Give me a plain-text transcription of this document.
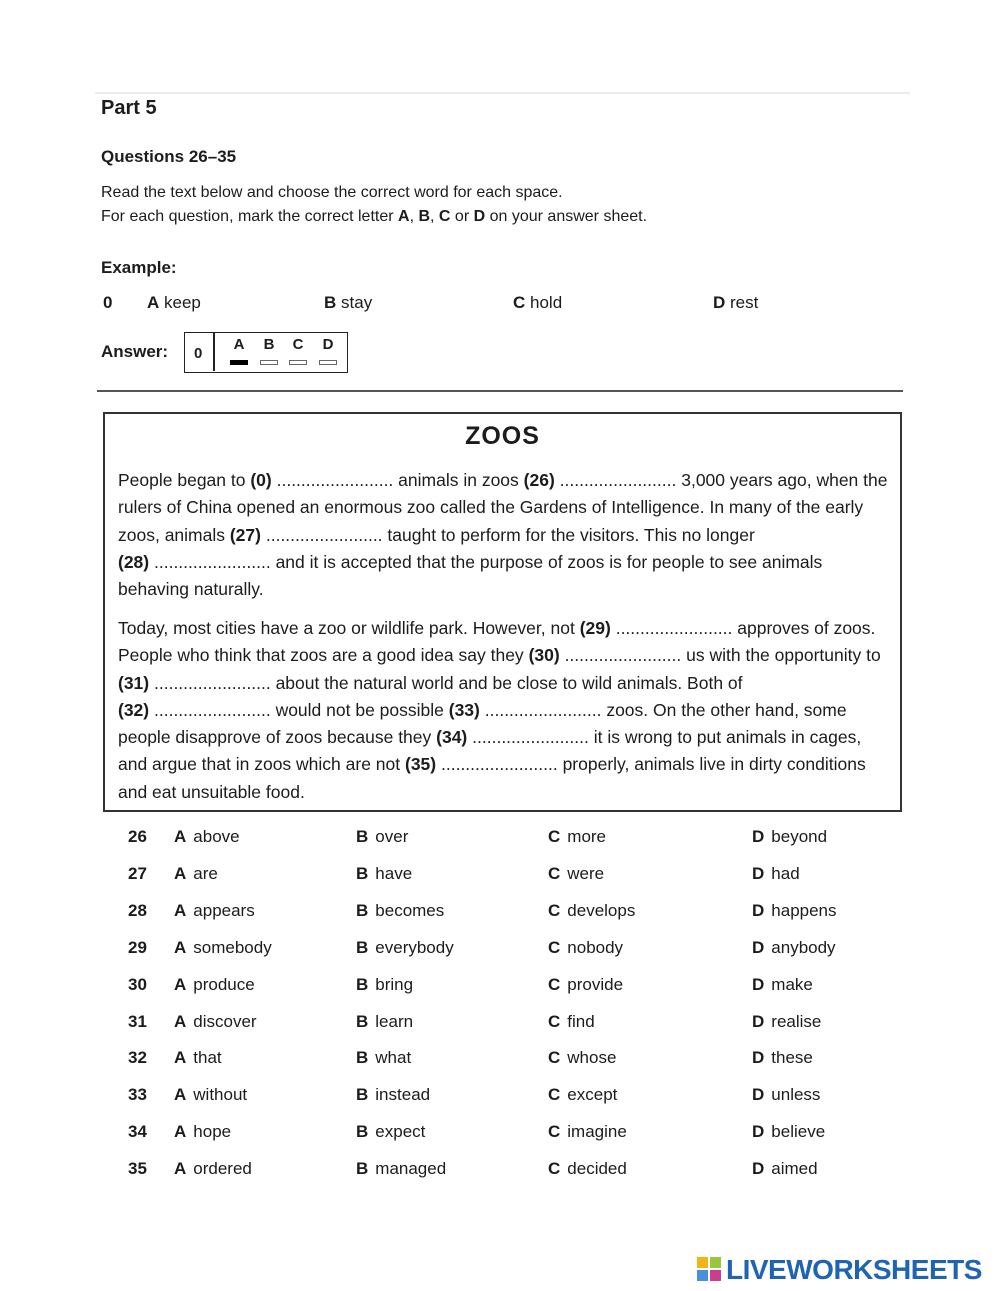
Part 5
Questions 26–35
Read the text below and choose the correct word for each space.
For each question, mark the correct letter A, B, C or D on your answer sheet.
Example:
0 A keep	B stay	C hold	D rest
Answer: 0
A	B	C	D
ZOOS
People began to (0) ........................ animals in zoos (26) ........................ 3,000 years ago, when the rulers of China opened an enormous zoo called the Gardens of Intelligence. In many of the early zoos, animals (27) ........................ taught to perform for the visitors. This no longer (28) ........................ and it is accepted that the purpose of zoos is for people to see animals behaving naturally.
Today, most cities have a zoo or wildlife park. However, not (29) ........................ approves of zoos. People who think that zoos are a good idea say they (30) ........................ us with the opportunity to (31) ........................ about the natural world and be close to wild animals. Both of (32) ........................ would not be possible (33) ........................ zoos. On the other hand, some people disapprove of zoos because they (34) ........................ it is wrong to put animals in cages, and argue that in zoos which are not (35) ........................ properly, animals live in dirty conditions and eat unsuitable food.
26 A above	B over	C more	D beyond
27 A are	B have	C were	D had
28 A appears	B becomes	C develops	D happens
29 A somebody	B everybody	C nobody	D anybody
30 A produce	B bring	C provide	D make
31 A discover	B learn	C find	D realise
32 A that	B what	C whose	D these
33 A without	B instead	C except	D unless
34 A hope	B expect	C imagine	D believe
35 A ordered	B managed	C decided	D aimed
LIVEWORKSHEETS
